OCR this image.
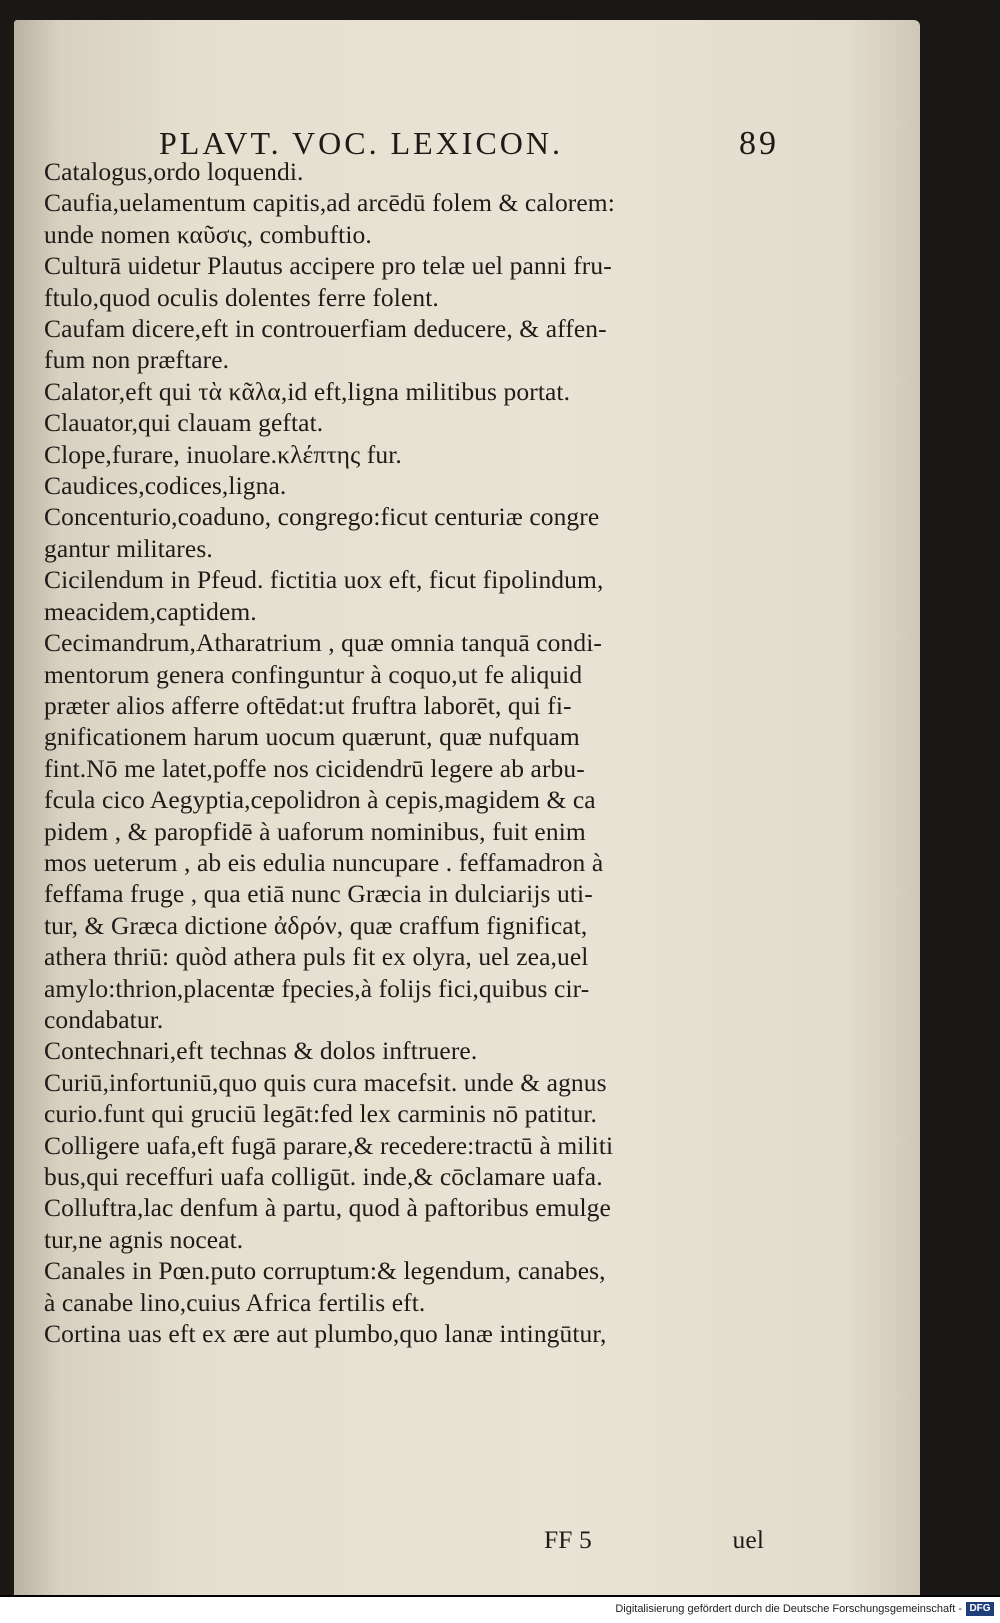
PLAVT. VOC. LEXICON.	89
Catalogus,ordo loquendi.
Caufia,uelamentum capitis,ad arcēdū folem & calorem:
unde nomen καῦσις, combuftio.
Culturā uidetur Plautus accipere pro telæ uel panni fru-
ftulo,quod oculis dolentes ferre folent.
Caufam dicere,eft in controuerfiam deducere, & affen-
fum non præftare.
Calator,eft qui τὰ κᾶλα,id eft,ligna militibus portat.
Clauator,qui clauam geftat.
Clope,furare, inuolare.κλέπτης fur.
Caudices,codices,ligna.
Concenturio,coaduno, congrego:ficut centuriæ congre
gantur militares.
Cicilendum in Pfeud. fictitia uox eft, ficut fipolindum,
meacidem,captidem.
Cecimandrum,Atharatrium , quæ omnia tanquā condi-
mentorum genera confinguntur à coquo,ut fe aliquid
præter alios afferre oftēdat:ut fruftra laborēt, qui fi-
gnificationem harum uocum quærunt, quæ nufquam
fint.Nō me latet,poffe nos cicidendrū legere ab arbu-
fcula cico Aegyptia,cepolidron à cepis,magidem & ca
pidem , & paropfidē à uaforum nominibus, fuit enim
mos ueterum , ab eis edulia nuncupare . feffamadron à
feffama fruge , qua etiā nunc Græcia in dulciarijs uti-
tur, & Græca dictione ἀδρόν, quæ craffum fignificat,
athera thriū: quòd athera puls fit ex olyra, uel zea,uel
amylo:thrion,placentæ fpecies,à folijs fici,quibus cir-
condabatur.
Contechnari,eft technas & dolos inftruere.
Curiū,infortuniū,quo quis cura macefsit. unde & agnus
curio.funt qui gruciū legāt:fed lex carminis nō patitur.
Colligere uafa,eft fugā parare,& recedere:tractū à militi
bus,qui receffuri uafa colligūt. inde,& cōclamare uafa.
Colluftra,lac denfum à partu, quod à paftoribus emulge
tur,ne agnis noceat.
Canales in Pœn.puto corruptum:& legendum, canabes,
à canabe lino,cuius Africa fertilis eft.
Cortina uas eft ex ære aut plumbo,quo lanæ intingūtur,
FF 5	uel
Digitalisierung gefördert durch die Deutsche Forschungsgemeinschaft - DFG
